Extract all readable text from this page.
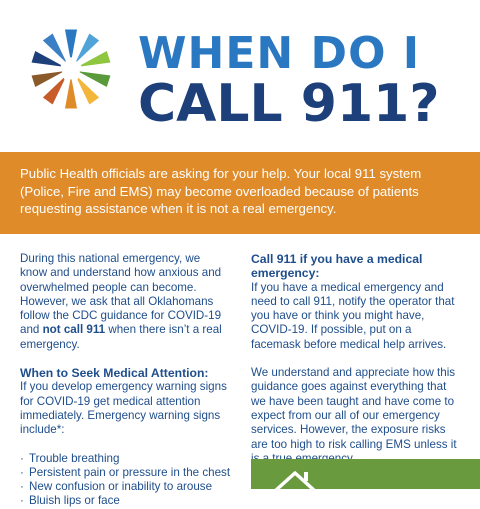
WHEN DO I
CALL 911?

Public Health officials are asking for your help. Your local 911 system (Police, Fire and EMS) may become overloaded because of patients requesting assistance when it is not a real emergency.

During this national emergency, we know and understand how anxious and overwhelmed people can become. However, we ask that all Oklahomans follow the CDC guidance for COVID-19 and not call 911 when there isn’t a real emergency.

When to Seek Medical Attention:

If you develop emergency warning signs for COVID-19 get medical attention immediately. Emergency warning signs include*:

· Trouble breathing
· Persistent pain or pressure in the chest
· New confusion or inability to arouse
· Bluish lips or face
Call 911 if you have a medical emergency:

If you have a medical emergency and need to call 911, notify the operator that you have or think you might have, COVID-19. If possible, put on a facemask before medical help arrives.

We understand and appreciate how this guidance goes against everything that we have been taught and have come to expect from our all of our emergency services. However, the exposure risks are too high to risk calling EMS unless it
